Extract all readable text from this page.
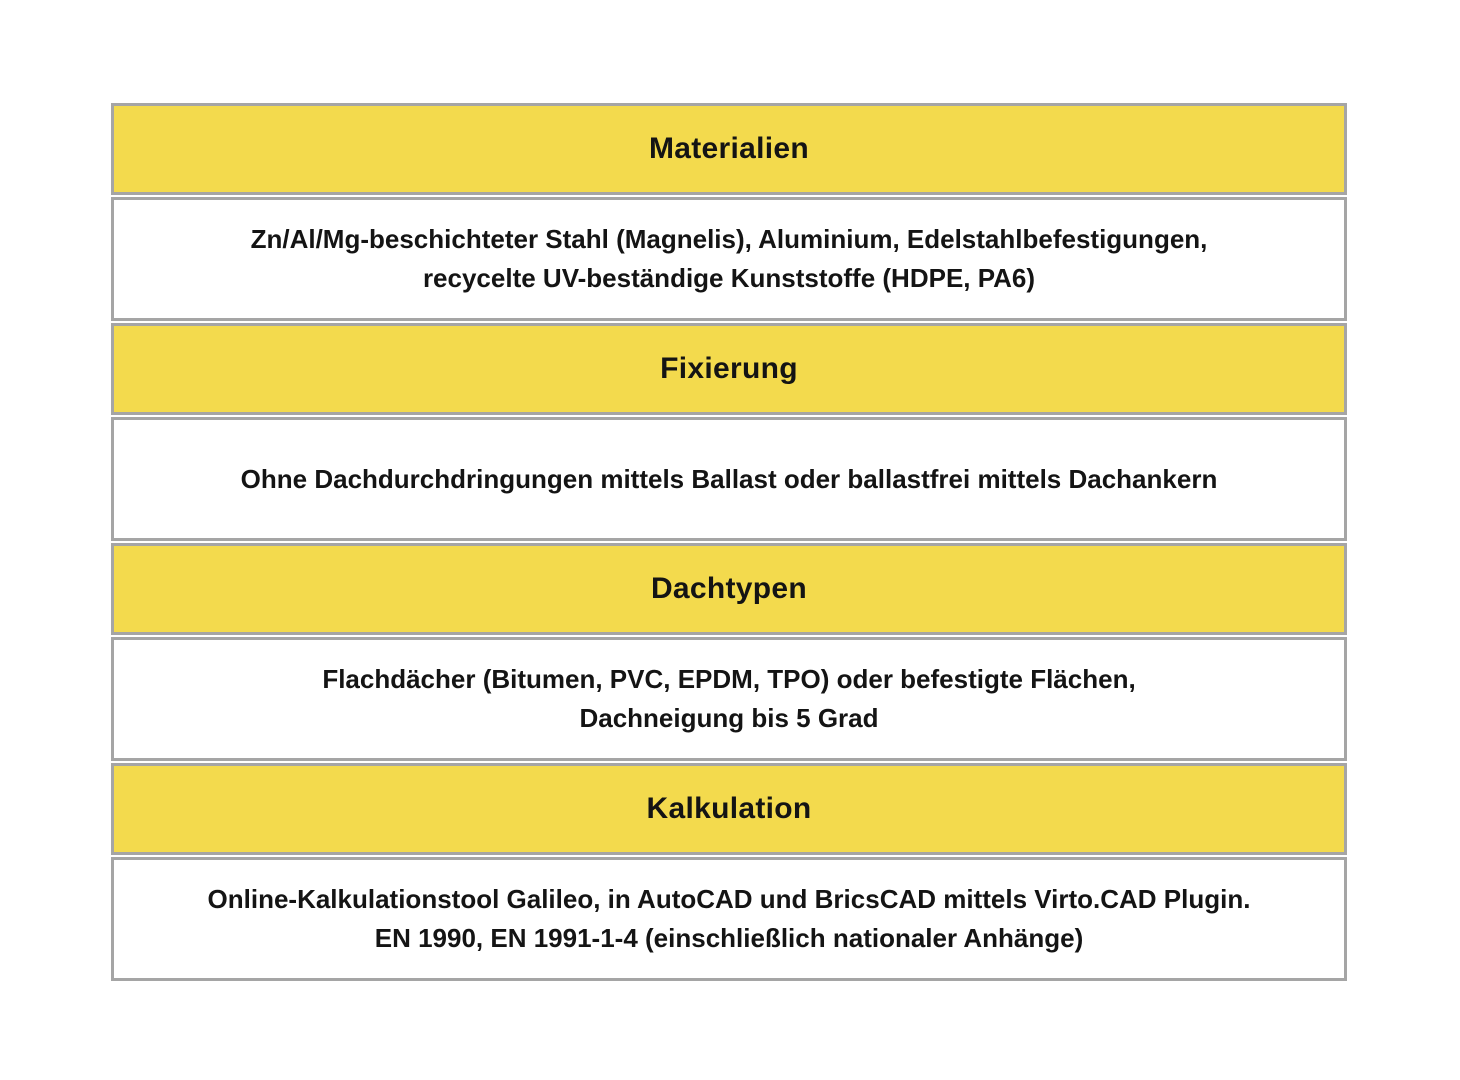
Materialien
Zn/Al/Mg-beschichteter Stahl (Magnelis), Aluminium, Edelstahlbefestigungen,
recycelte UV-beständige Kunststoffe (HDPE, PA6)
Fixierung
Ohne Dachdurchdringungen mittels Ballast oder ballastfrei mittels Dachankern
Dachtypen
Flachdächer (Bitumen, PVC, EPDM, TPO) oder befestigte Flächen,
Dachneigung bis 5 Grad
Kalkulation
Online-Kalkulationstool Galileo, in AutoCAD und BricsCAD mittels Virto.CAD Plugin.
EN 1990, EN 1991-1-4 (einschließlich nationaler Anhänge)
